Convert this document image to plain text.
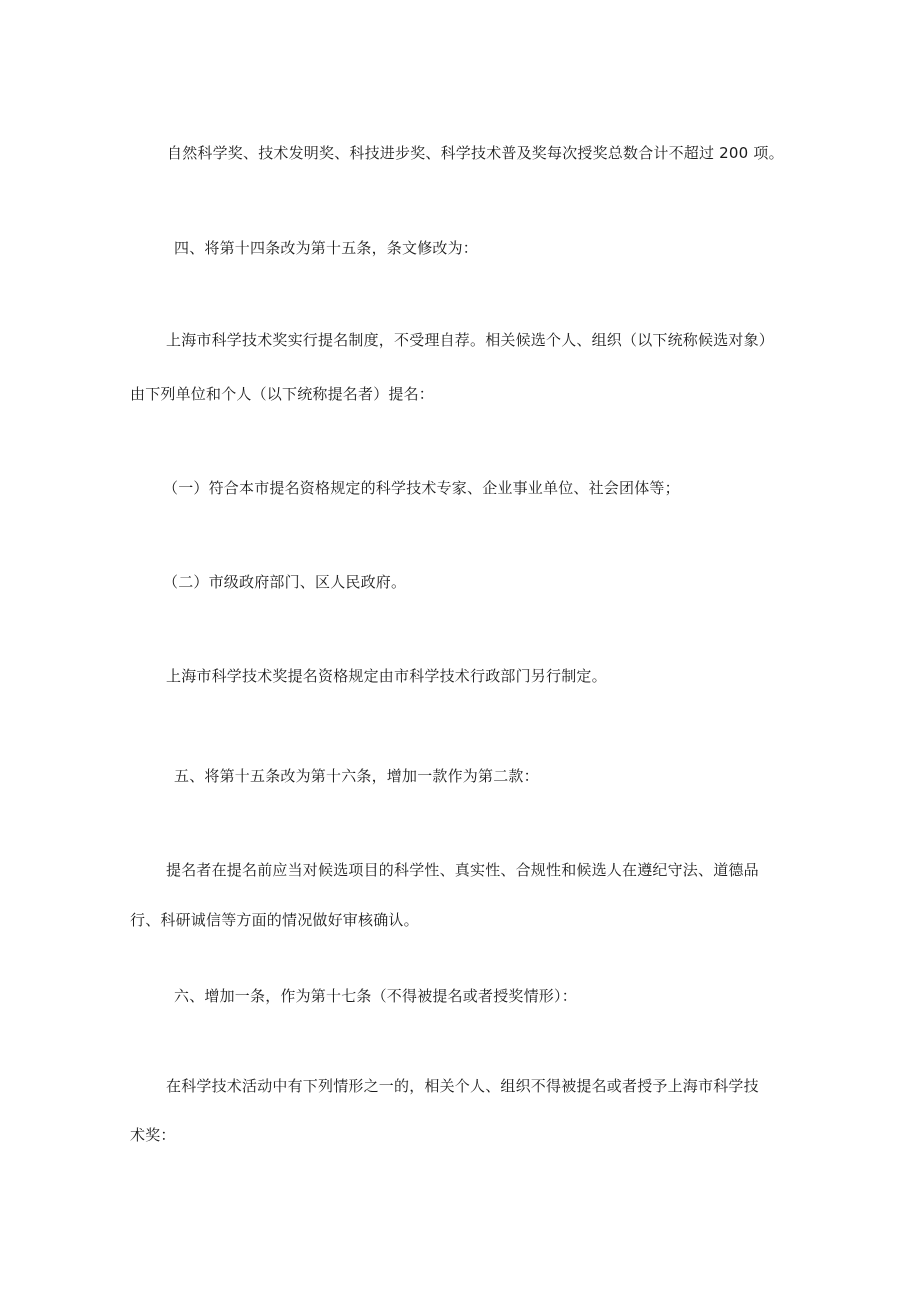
自然科学奖、技术发明奖、科技进步奖、科学技术普及奖每次授奖总数合计不超过 200 项。

四、将第十四条改为第十五条，条文修改为：

上海市科学技术奖实行提名制度，不受理自荐。相关候选个人、组织（以下统称候选对象）

由下列单位和个人（以下统称提名者）提名：

（一）符合本市提名资格规定的科学技术专家、企业事业单位、社会团体等；

（二）市级政府部门、区人民政府。

上海市科学技术奖提名资格规定由市科学技术行政部门另行制定。

五、将第十五条改为第十六条，增加一款作为第二款：

提名者在提名前应当对候选项目的科学性、真实性、合规性和候选人在遵纪守法、道德品

行、科研诚信等方面的情况做好审核确认。

六、增加一条，作为第十七条（不得被提名或者授奖情形）：

在科学技术活动中有下列情形之一的，相关个人、组织不得被提名或者授予上海市科学技

术奖：
